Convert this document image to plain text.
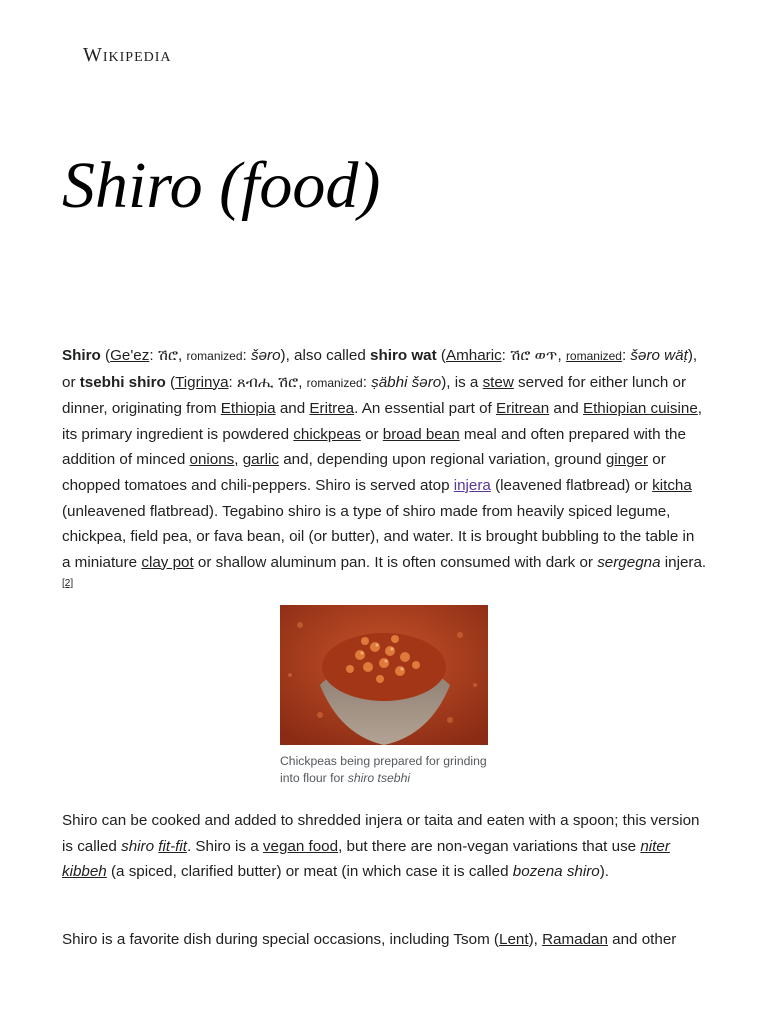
Wikipedia
Shiro (food)

Shiro (Ge'ez: ሽሮ, romanized: šəro), also called shiro wat (Amharic: ሽሮ ወጥ, romanized: šəro wäṭ), or tsebhi shiro (Tigrinya: ጸብሒ ሽሮ, romanized: ṣäbhi šəro), is a stew served for either lunch or dinner, originating from Ethiopia and Eritrea. An essential part of Eritrean and Ethiopian cuisine, its primary ingredient is powdered chickpeas or broad bean meal and often prepared with the addition of minced onions, garlic and, depending upon regional variation, ground ginger or chopped tomatoes and chili-peppers. Shiro is served atop injera (leavened flatbread) or kitcha (unleavened flatbread). Tegabino shiro is a type of shiro made from heavily spiced legume, chickpea, field pea, or fava bean, oil (or butter), and water. It is brought bubbling to the table in a miniature clay pot or shallow aluminum pan. It is often consumed with dark or sergegna injera.[2]

Chickpeas being prepared for grinding into flour for shiro tsebhi

Shiro can be cooked and added to shredded injera or taita and eaten with a spoon; this version is called shiro fit-fit. Shiro is a vegan food, but there are non-vegan variations that use niter kibbeh (a spiced, clarified butter) or meat (in which case it is called bozena shiro).

Shiro is a favorite dish during special occasions, including Tsom (Lent), Ramadan and other
